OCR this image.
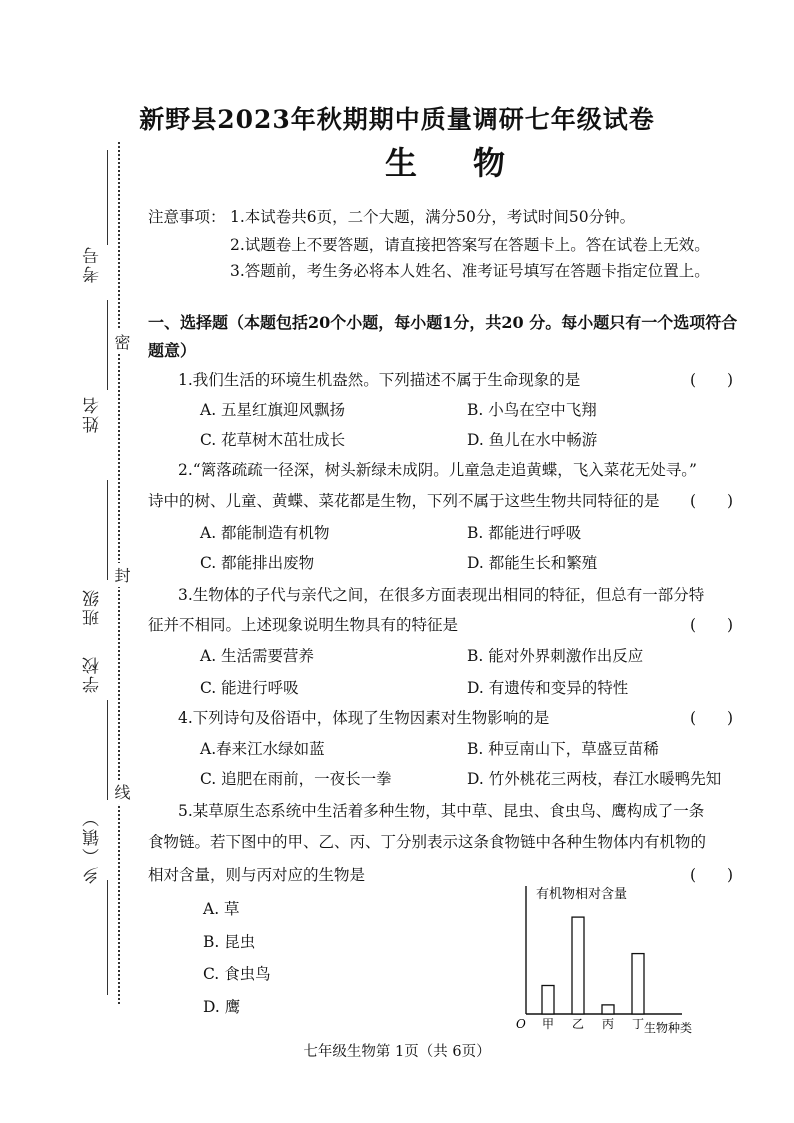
考号
姓名
班级
学校
乡（镇）
密
封
线
新野县2023年秋期期中质量调研七年级试卷
生物
注意事项： 1.本试卷共6页，二个大题，满分50分，考试时间50分钟。
2.试题卷上不要答题，请直接把答案写在答题卡上。答在试卷上无效。
3.答题前，考生务必将本人姓名、准考证号填写在答题卡指定位置上。
一、选择题（本题包括20个小题，每小题1分，共20 分。每小题只有一个选项符合题意）
1.我们生活的环境生机盎然。下列描述不属于生命现象的是	(　　)
A. 五星红旗迎风飘扬	B. 小鸟在空中飞翔
C. 花草树木茁壮成长	D. 鱼儿在水中畅游
2.“篱落疏疏一径深，树头新绿未成阴。儿童急走追黄蝶，飞入菜花无处寻。”
诗中的树、儿童、黄蝶、菜花都是生物，下列不属于这些生物共同特征的是 (　　)
A. 都能制造有机物	B. 都能进行呼吸
C. 都能排出废物	D. 都能生长和繁殖
3.生物体的子代与亲代之间，在很多方面表现出相同的特征，但总有一部分特
征并不相同。上述现象说明生物具有的特征是	(　　)
A. 生活需要营养	B. 能对外界刺激作出反应
C. 能进行呼吸	D. 有遗传和变异的特性
4.下列诗句及俗语中，体现了生物因素对生物影响的是	(　　)
A.春来江水绿如蓝	B. 种豆南山下，草盛豆苗稀
C. 追肥在雨前，一夜长一拳	D. 竹外桃花三两枝，春江水暖鸭先知
5.某草原生态系统中生活着多种生物，其中草、昆虫、食虫鸟、鹰构成了一条
食物链。若下图中的甲、乙、丙、丁分别表示这条食物链中各种生物体内有机物的
相对含量，则与丙对应的生物是	(　　)
A. 草
B. 昆虫
C. 食虫鸟
D. 鹰
有机物相对含量
O	生物种类
甲 乙 丙 丁
七年级生物第 1页（共 6页）
